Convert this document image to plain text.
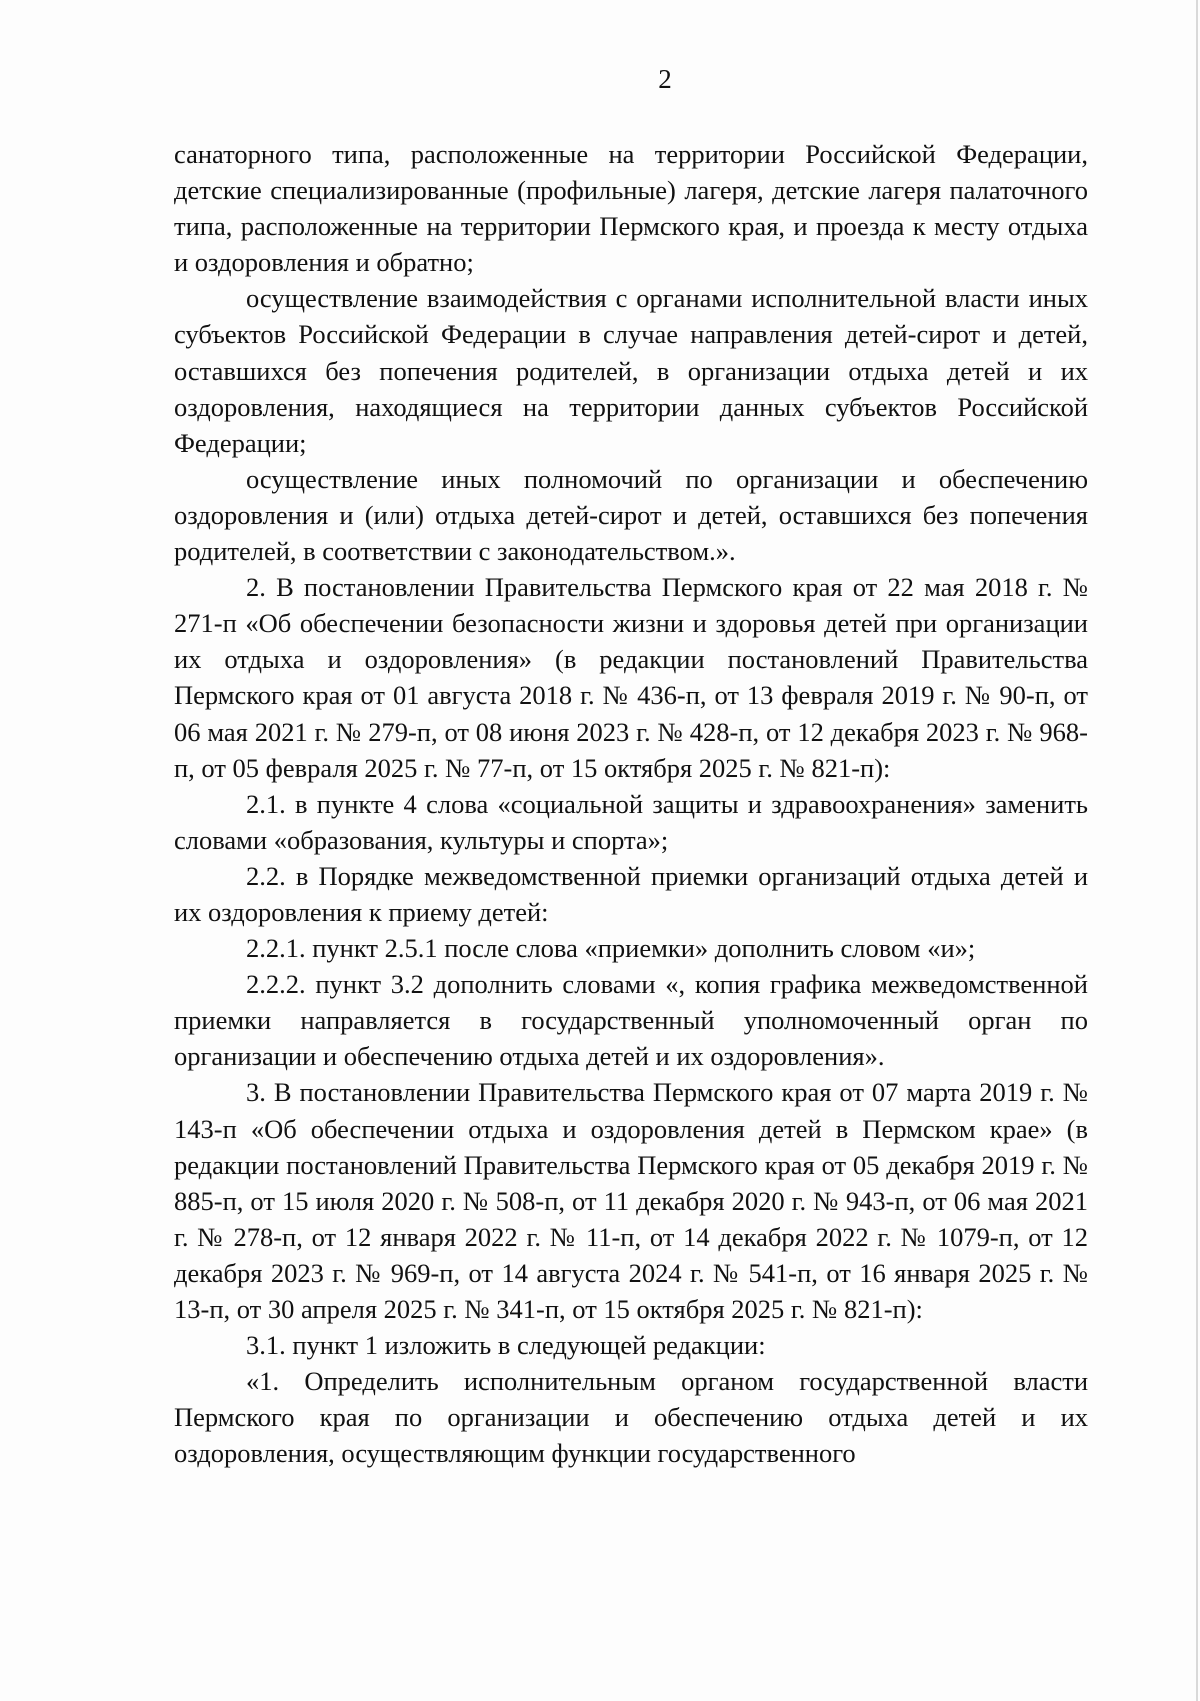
2

санаторного типа, расположенные на территории Российской Федерации, детские специализированные (профильные) лагеря, детские лагеря палаточного типа, расположенные на территории Пермского края, и проезда к месту отдыха и оздоровления и обратно;

осуществление взаимодействия с органами исполнительной власти иных субъектов Российской Федерации в случае направления детей-сирот и детей, оставшихся без попечения родителей, в организации отдыха детей и их оздоровления, находящиеся на территории данных субъектов Российской Федерации;

осуществление иных полномочий по организации и обеспечению оздоровления и (или) отдыха детей-сирот и детей, оставшихся без попечения родителей, в соответствии с законодательством.».

2. В постановлении Правительства Пермского края от 22 мая 2018 г. № 271-п «Об обеспечении безопасности жизни и здоровья детей при организации их отдыха и оздоровления» (в редакции постановлений Правительства Пермского края от 01 августа 2018 г. № 436-п, от 13 февраля 2019 г. № 90-п, от 06 мая 2021 г. № 279-п, от 08 июня 2023 г. № 428-п, от 12 декабря 2023 г. № 968-п, от 05 февраля 2025 г. № 77-п, от 15 октября 2025 г. № 821-п):

2.1. в пункте 4 слова «социальной защиты и здравоохранения» заменить словами «образования, культуры и спорта»;

2.2. в Порядке межведомственной приемки организаций отдыха детей и их оздоровления к приему детей:

2.2.1. пункт 2.5.1 после слова «приемки» дополнить словом «и»;

2.2.2. пункт 3.2 дополнить словами «, копия графика межведомственной приемки направляется в государственный уполномоченный орган по организации и обеспечению отдыха детей и их оздоровления».

3. В постановлении Правительства Пермского края от 07 марта 2019 г. № 143-п «Об обеспечении отдыха и оздоровления детей в Пермском крае» (в редакции постановлений Правительства Пермского края от 05 декабря 2019 г. № 885-п, от 15 июля 2020 г. № 508-п, от 11 декабря 2020 г. № 943-п, от 06 мая 2021 г. № 278-п, от 12 января 2022 г. № 11-п, от 14 декабря 2022 г. № 1079-п, от 12 декабря 2023 г. № 969-п, от 14 августа 2024 г. № 541-п, от 16 января 2025 г. № 13-п, от 30 апреля 2025 г. № 341-п, от 15 октября 2025 г. № 821-п):

3.1. пункт 1 изложить в следующей редакции:

«1. Определить исполнительным органом государственной власти Пермского края по организации и обеспечению отдыха детей и их оздоровления, осуществляющим функции государственного
